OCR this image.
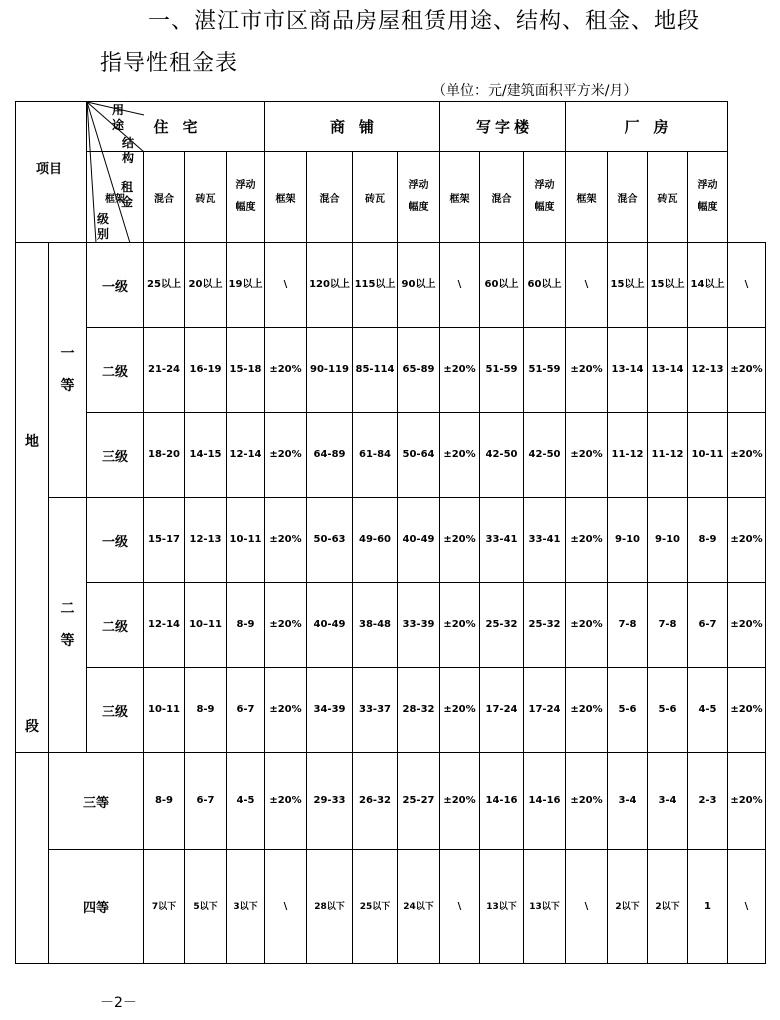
一、湛江市市区商品房屋租赁用途、结构、租金、地段
指导性租金表
（单位：元/建筑面积平方米/月）
项目
用途
结构
租金
级别		住宅				商铺				写字楼			厂房				
		框架	混合	砖瓦	浮动幅度	框架	混合	砖瓦	浮动幅度	框架	混合	浮动幅度	框架	混合	砖瓦	浮动幅度	

地
段	一等	一级	25以上	20以上	19以上	\	120以上	115以上	90以上	\	60以上	60以上	\	15以上	15以上	14以上	\
		二级	21-24	16-19	15-18	±20%	90-119	85-114	65-89	±20%	51-59	51-59	±20%	13-14	13-14	12-13	±20%
		三级	18-20	14-15	12-14	±20%	64-89	61-84	50-64	±20%	42-50	42-50	±20%	11-12	11-12	10-11	±20%
	二等	一级	15-17	12-13	10-11	±20%	50-63	49-60	40-49	±20%	33-41	33-41	±20%	9-10	9-10	8-9	±20%
		二级	12-14	10–11	8-9	±20%	40-49	38-48	33-39	±20%	25-32	25-32	±20%	7-8	7-8	6-7	±20%
		三级	10-11	8-9	6-7	±20%	34-39	33-37	28-32	±20%	17-24	17-24	±20%	5-6	5-6	4-5	±20%
	三等		8-9	6-7	4-5	±20%	29-33	26-32	25-27	±20%	14-16	14-16	±20%	3-4	3-4	2-3	±20%
	四等		7以下	5以下	3以下	\	28以下	25以下	24以下	\	13以下	13以下	\	2以下	2以下	1	\
－2－
